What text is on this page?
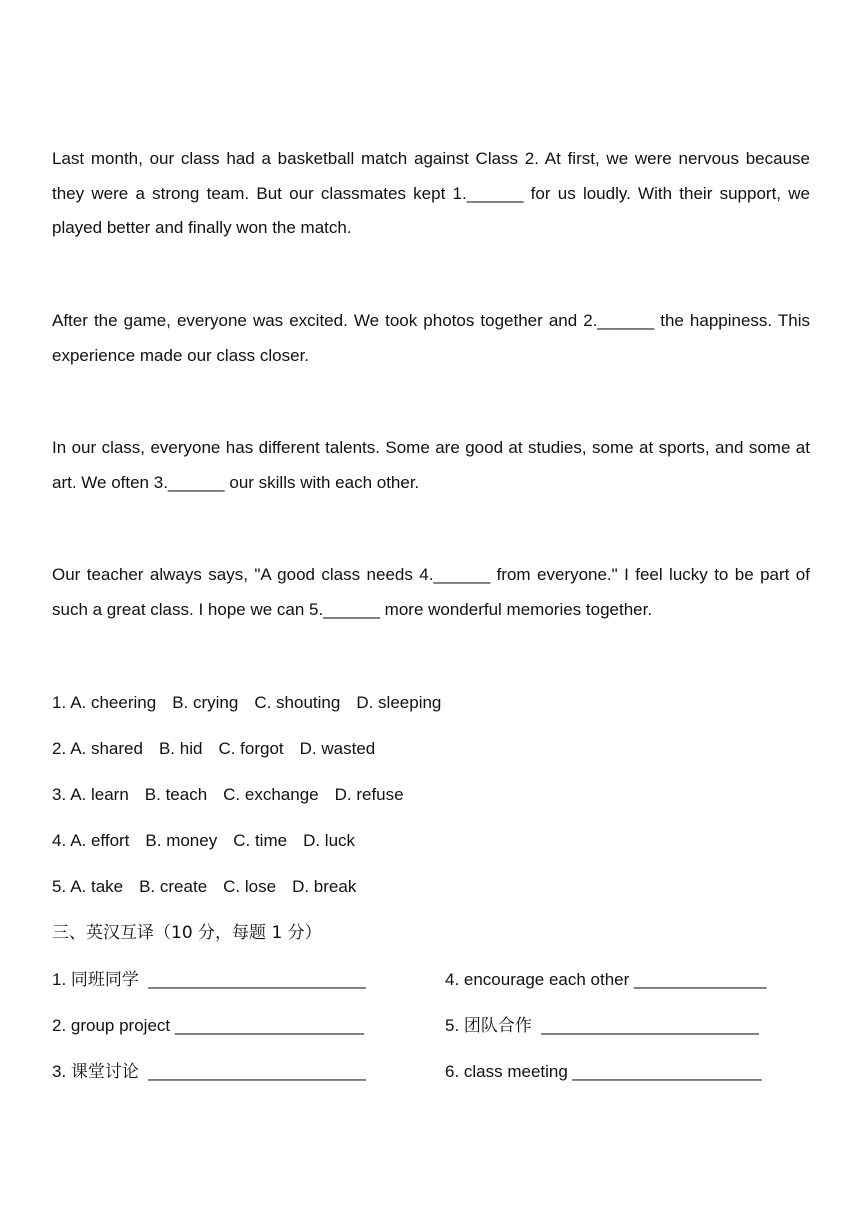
Last month, our class had a basketball match against Class 2. At first, we were nervous because they were a strong team. But our classmates kept 1.______ for us loudly. With their support, we played better and finally won the match.
After the game, everyone was excited. We took photos together and 2.______ the happiness. This experience made our class closer.
In our class, everyone has different talents. Some are good at studies, some at sports, and some at art. We often 3.______ our skills with each other.
Our teacher always says, "A good class needs 4.______ from everyone." I feel lucky to be part of such a great class. I hope we can 5.______ more wonderful memories together.
1. A. cheering B. crying C. shouting D. sleeping
2. A. shared B. hid C. forgot D. wasted
3. A. learn B. teach C. exchange D. refuse
4. A. effort B. money C. time D. luck
5. A. take B. create C. lose D. break
三、英汉互译（10 分，每题 1 分）
1. 同班同学  _______________________	4. encourage each other ______________
2. group project ____________________	5. 团队合作  _______________________
3. 课堂讨论  _______________________	6. class meeting ____________________
